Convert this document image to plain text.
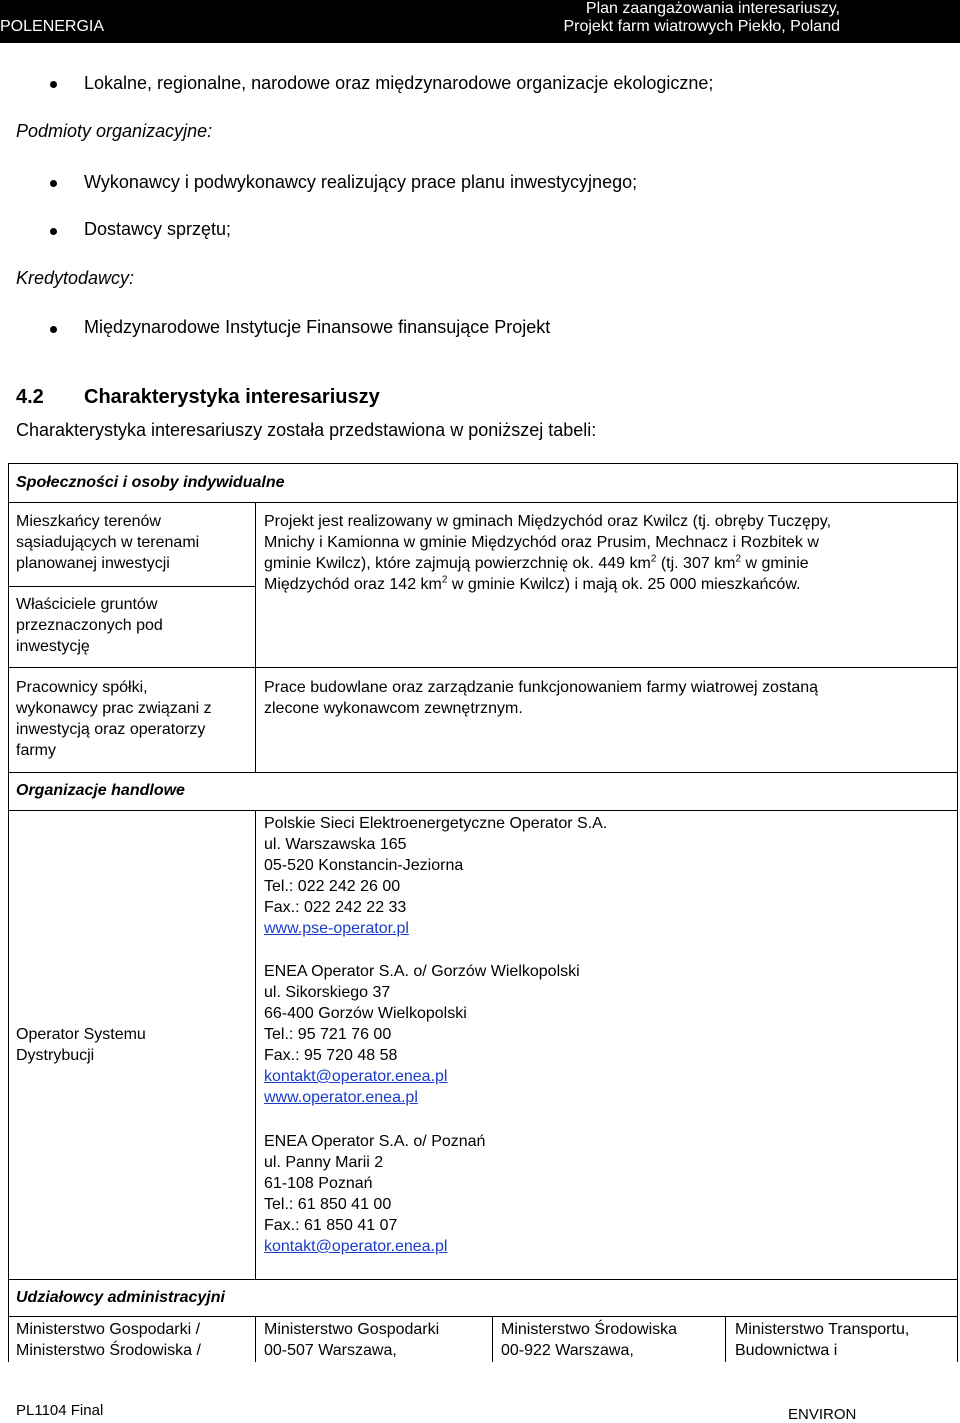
POLENERGIA
Plan zaangażowania interesariuszy,
Projekt farm wiatrowych Piekło, Poland
Lokalne, regionalne, narodowe oraz międzynarodowe organizacje ekologiczne;
Podmioty organizacyjne:
Wykonawcy i podwykonawcy realizujący prace planu inwestycyjnego;
Dostawcy sprzętu;
Kredytodawcy:
Międzynarodowe Instytucje Finansowe finansujące Projekt
4.2 Charakterystyka interesariuszy
Charakterystyka interesariuszy została przedstawiona w poniższej tabeli:
Społeczności i osoby indywidualne
Mieszkańcy terenów
sąsiadujących w terenami
planowanej inwestycji
Właściciele gruntów
przeznaczonych pod
inwestycję
Projekt jest realizowany w gminach Międzychód oraz Kwilcz (tj. obręby Tuczępy,
Mnichy i Kamionna w gminie Międzychód oraz Prusim, Mechnacz i Rozbitek w
gminie Kwilcz), które zajmują powierzchnię ok. 449 $km^2$ (tj. 307 $km^2$ w gminie
Międzychód oraz 142 $km^2$ w gminie Kwilcz) i mają ok. 25 000 mieszkańców.
Pracownicy spółki,
wykonawcy prac związani z
inwestycją oraz operatorzy
farmy
Prace budowlane oraz zarządzanie funkcjonowaniem farmy wiatrowej zostaną
zlecone wykonawcom zewnętrznym.
Organizacje handlowe
Operator Systemu
Dystrybucji
Polskie Sieci Elektroenergetyczne Operator S.A.
ul. Warszawska 165
05-520 Konstancin-Jeziorna
Tel.: 022 242 26 00
Fax.: 022 242 22 33
www.pse-operator.pl
ENEA Operator S.A. o/ Gorzów Wielkopolski
ul. Sikorskiego 37
66-400 Gorzów Wielkopolski
Tel.: 95 721 76 00
Fax.: 95 720 48 58
kontakt@operator.enea.pl
www.operator.enea.pl
ENEA Operator S.A. o/ Poznań
ul. Panny Marii 2
61-108 Poznań
Tel.: 61 850 41 00
Fax.: 61 850 41 07
kontakt@operator.enea.pl
Udziałowcy administracyjni
Ministerstwo Gospodarki /
Ministerstwo Środowiska /
Ministerstwo Gospodarki
00-507 Warszawa,
Ministerstwo Środowiska
00-922 Warszawa,
Ministerstwo Transportu,
Budownictwa i
PL1104 Final	ENVIRON
